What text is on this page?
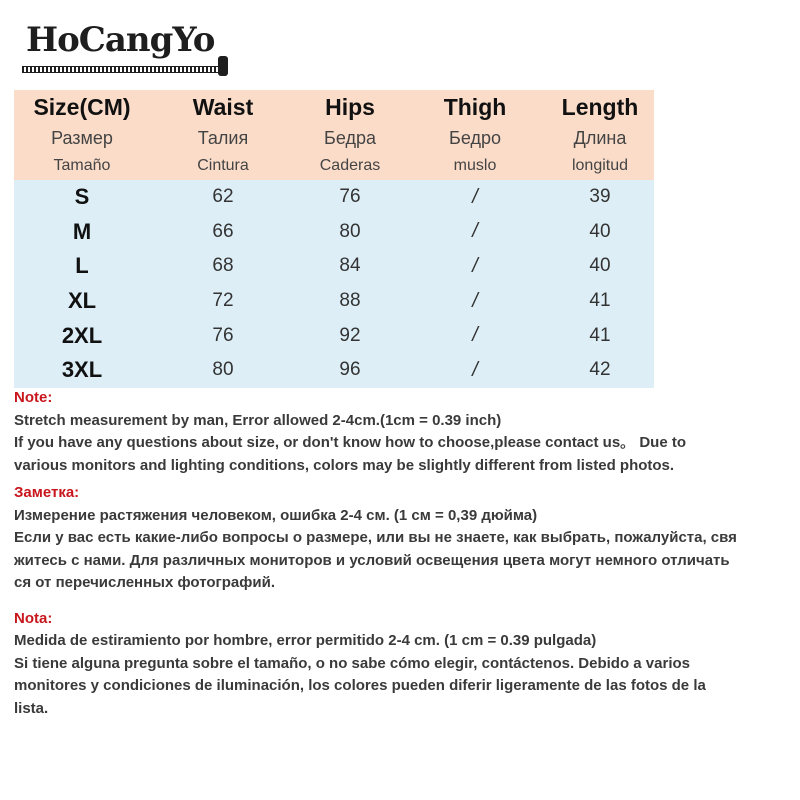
HoCangYo
Size(CM)	Waist	Hips	Thigh	Length
Размер	Талия	Бедра	Бедро	Длина
Tamaño	Cintura	Caderas	muslo	longitud
S	62	76	/	39
M	66	80	/	40
L	68	84	/	40
XL	72	88	/	41
2XL	76	92	/	41
3XL	80	96	/	42
Note:
Stretch measurement by man, Error allowed 2-4cm.(1cm = 0.39 inch)
If you have any questions about size, or don't know how to choose,please contact us。 Due to
various monitors and lighting conditions, colors may be slightly different from listed photos.
Заметка:
Измерение растяжения человеком, ошибка 2-4 см. (1 см = 0,39 дюйма)
Если у вас есть какие-либо вопросы о размере, или вы не знаете, как выбрать, пожалуйста, свя
житесь с нами. Для различных мониторов и условий освещения цвета могут немного отличать
ся от перечисленных фотографий.
Nota:
Medida de estiramiento por hombre, error permitido 2-4 cm. (1 cm = 0.39 pulgada)
Si tiene alguna pregunta sobre el tamaño, o no sabe cómo elegir, contáctenos. Debido a varios
monitores y condiciones de iluminación, los colores pueden diferir ligeramente de las fotos de la
lista.
